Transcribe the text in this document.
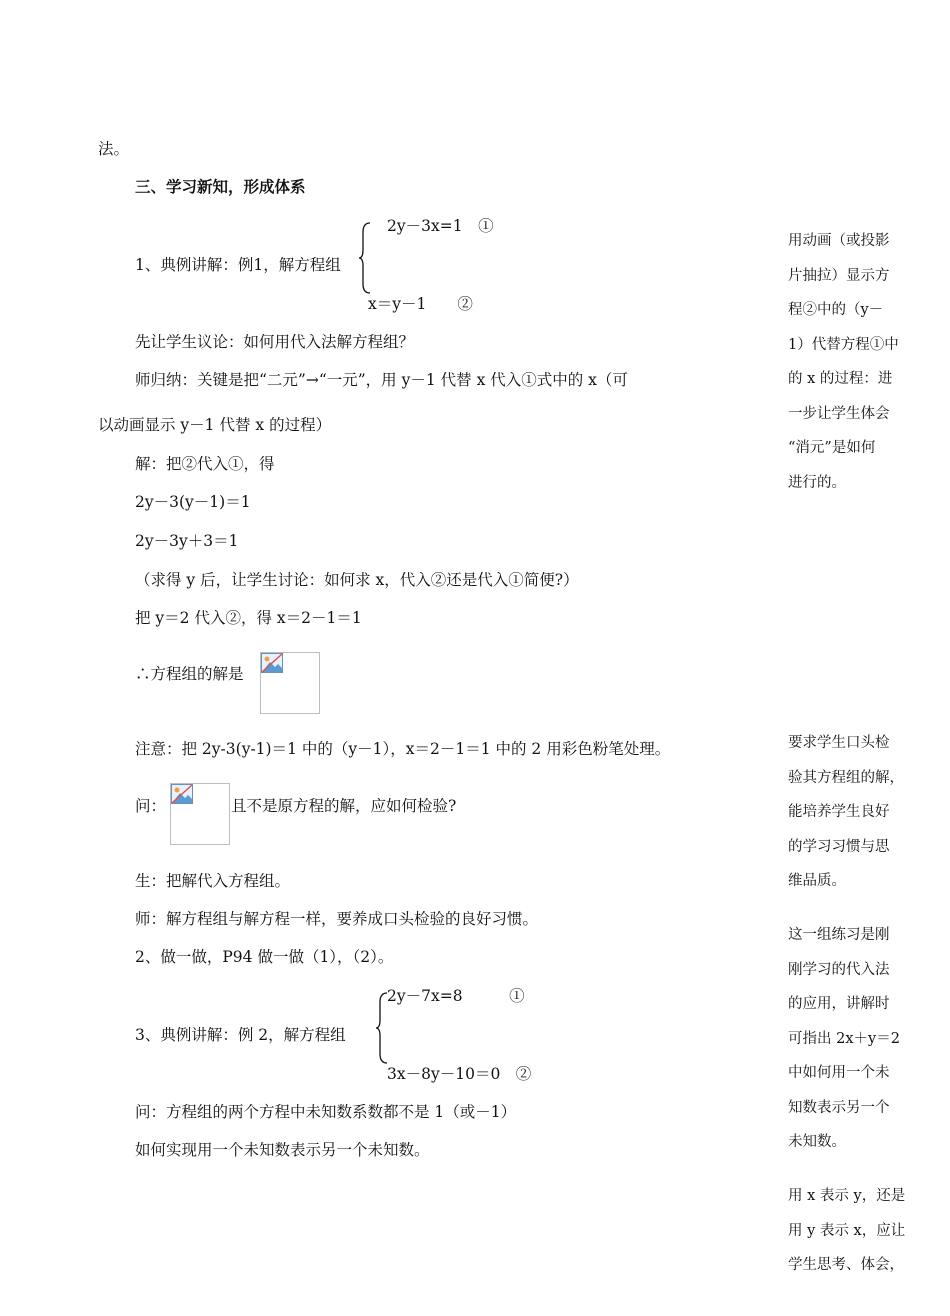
法。
三、学习新知，形成体系
2y－3x=1　①
1、典例讲解：例1，解方程组
x＝y－1　　②
先让学生议论：如何用代入法解方程组？
师归纳：关键是把“二元”→“一元”，用 y－1 代替 x 代入①式中的 x（可
以动画显示 y－1 代替 x 的过程）
解：把②代入①，得
2y－3(y－1)＝1
2y－3y＋3＝1
（求得 y 后，让学生讨论：如何求 x，代入②还是代入①简便?）
把 y＝2 代入②，得 x＝2－1＝1
∴方程组的解是
注意：把 2y-3(y-1)＝1 中的（y－1），x＝2－1＝1 中的 2 用彩色粉笔处理。
问：	且不是原方程的解，应如何检验?
生：把解代入方程组。
师：解方程组与解方程一样，要养成口头检验的良好习惯。
2、做一做，P94 做一做（1），（2）。
2y－7x=8　　　①
3、典例讲解：例 2，解方程组
3x－8y－10＝0　②
问：方程组的两个方程中未知数系数都不是 1（或－1）
如何实现用一个未知数表示另一个未知数。
用动画（或投影
片抽拉）显示方
程②中的（y－
1）代替方程①中
的 x 的过程：进
一步让学生体会
“消元”是如何
进行的。
要求学生口头检
验其方程组的解，
能培养学生良好
的学习习惯与思
维品质。
这一组练习是刚
刚学习的代入法
的应用，讲解时
可指出 2x＋y＝2
中如何用一个未
知数表示另一个
未知数。
用 x 表示 y，还是
用 y 表示 x，应让
学生思考、体会，
